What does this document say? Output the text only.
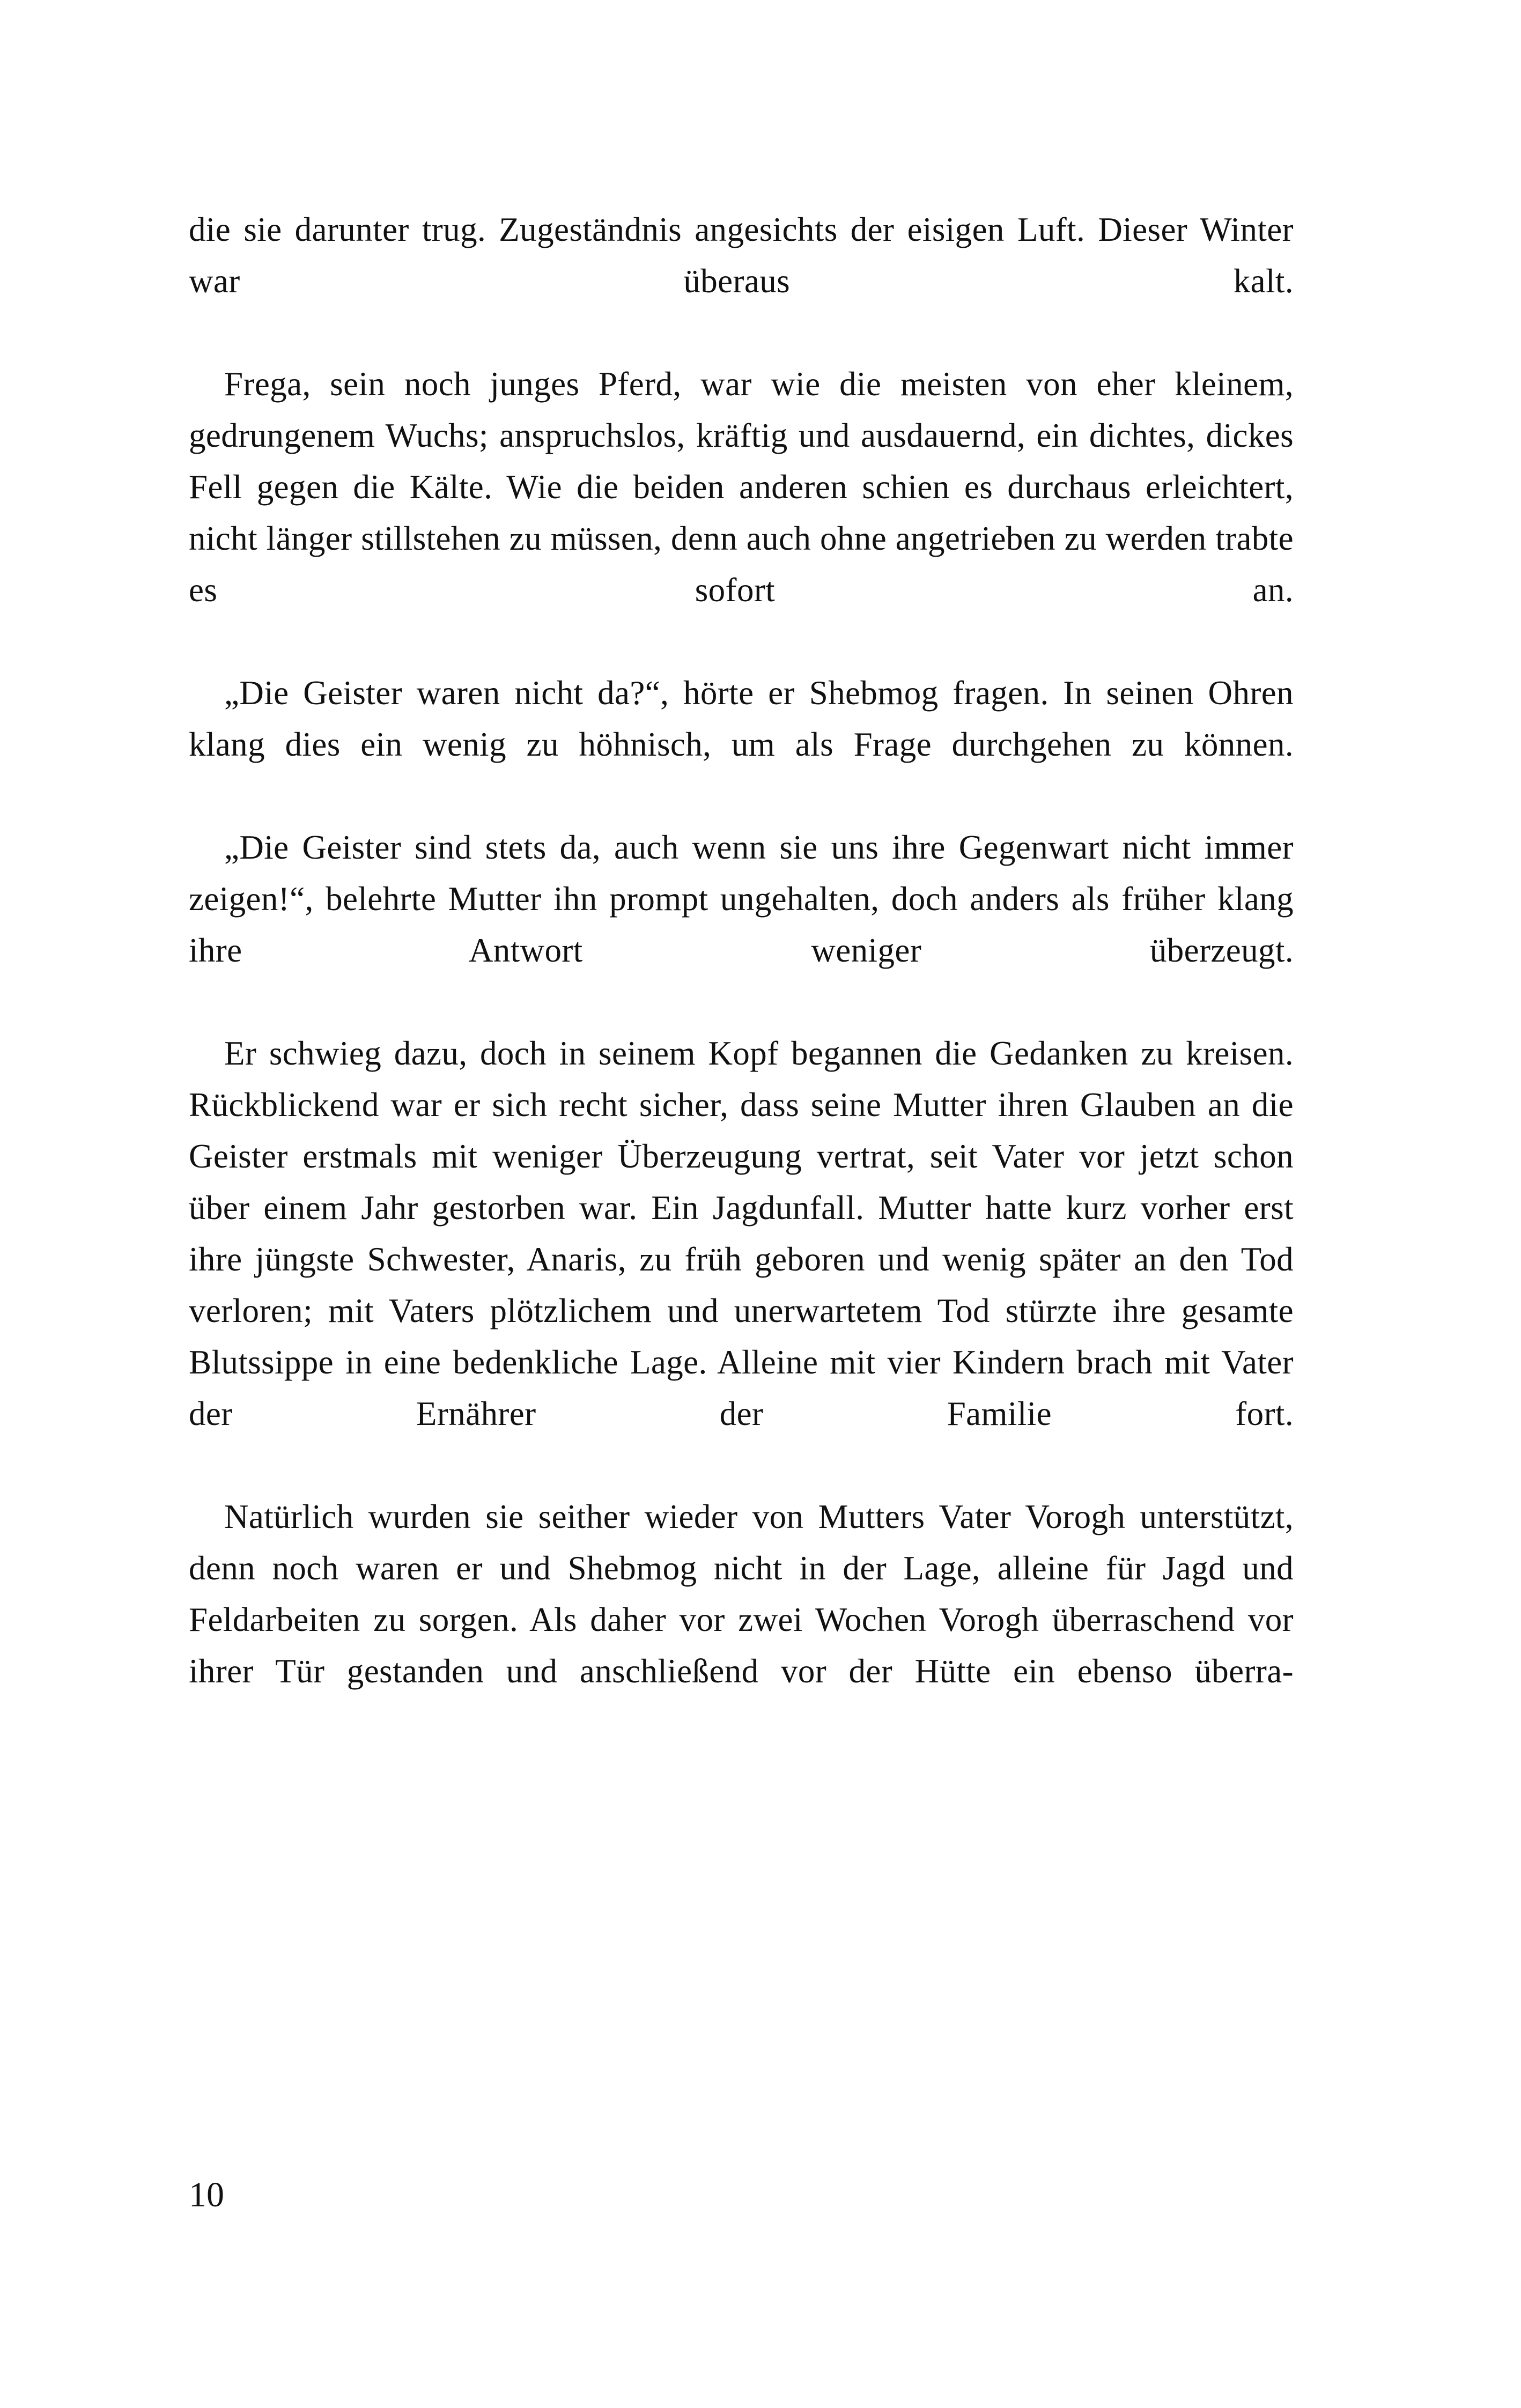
die sie darunter trug. Zugeständnis angesichts der eisigen Luft. Dieser Winter war überaus kalt.

Frega, sein noch junges Pferd, war wie die meisten von eher kleinem, gedrungenem Wuchs; anspruchslos, kräftig und ausdauernd, ein dichtes, dickes Fell gegen die Kälte. Wie die beiden anderen schien es durchaus erleichtert, nicht länger stillstehen zu müssen, denn auch ohne angetrieben zu werden trabte es sofort an.

„Die Geister waren nicht da?“, hörte er Shebmog fragen. In seinen Ohren klang dies ein wenig zu höhnisch, um als Frage durchgehen zu können.

„Die Geister sind stets da, auch wenn sie uns ihre Gegenwart nicht immer zeigen!“, belehrte Mutter ihn prompt ungehalten, doch anders als früher klang ihre Antwort weniger überzeugt.

Er schwieg dazu, doch in seinem Kopf begannen die Gedanken zu kreisen. Rückblickend war er sich recht sicher, dass seine Mutter ihren Glauben an die Geister erstmals mit weniger Überzeugung vertrat, seit Vater vor jetzt schon über einem Jahr gestorben war. Ein Jagdunfall. Mutter hatte kurz vorher erst ihre jüngste Schwester, Anaris, zu früh geboren und wenig später an den Tod verloren; mit Vaters plötzlichem und unerwartetem Tod stürzte ihre gesamte Blutssippe in eine bedenkliche Lage. Alleine mit vier Kindern brach mit Vater der Ernährer der Familie fort.

Natürlich wurden sie seither wieder von Mutters Vater Vorogh unterstützt, denn noch waren er und Shebmog nicht in der Lage, alleine für Jagd und Feldarbeiten zu sorgen. Als daher vor zwei Wochen Vorogh überraschend vor ihrer Tür gestanden und anschließend vor der Hütte ein ebenso überra-

10
